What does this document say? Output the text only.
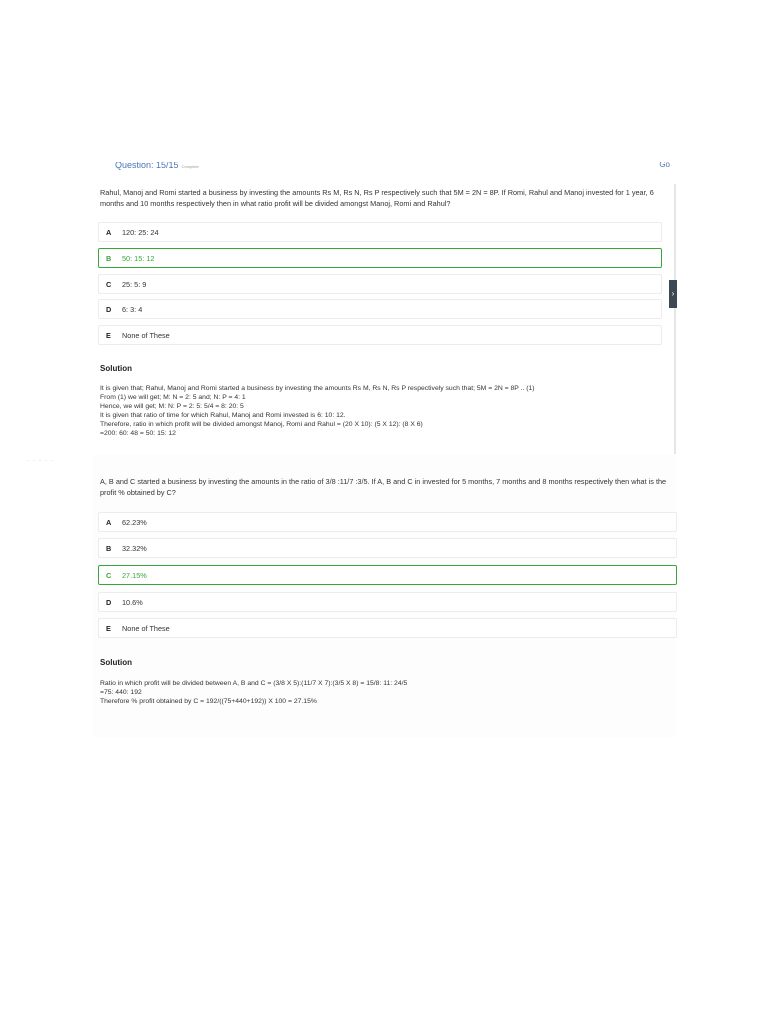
Question: 15/15 Complete	Go
Rahul, Manoj and Romi started a business by investing the amounts Rs M, Rs N, Rs P respectively such that 5M = 2N = 8P. If Romi, Rahul and Manoj invested for 1 year, 6 months and 10 months respectively then in what ratio profit will be divided amongst Manoj, Romi and Rahul?
A 120: 25: 24
B 50: 15: 12
C 25: 5: 9
D 6: 3: 4
E None of These
Solution
It is given that; Rahul, Manoj and Romi started a business by investing the amounts Rs M, Rs N, Rs P respectively such that; 5M = 2N = 8P .. (1)
From (1) we will get; M: N = 2: 5 and; N: P = 4: 1
Hence, we will get; M: N: P = 2: 5: 5/4 = 8: 20: 5
It is given that ratio of time for which Rahul, Manoj and Romi invested is 6: 10: 12.
Therefore, ratio in which profit will be divided amongst Manoj, Romi and Rahul = (20 X 10): (5 X 12): (8 X 6)
=200: 60: 48 = 50: 15: 12
›
·····
A, B and C started a business by investing the amounts in the ratio of 3/8 :11/7 :3/5. If A, B and C in invested for 5 months, 7 months and 8 months respectively then what is the profit % obtained by C?
A 62.23%
B 32.32%
C 27.15%
D 10.6%
E None of These
Solution
Ratio in which profit will be divided between A, B and C = (3/8 X 5):(11/7 X 7):(3/5 X 8) = 15/8: 11: 24/5
=75: 440: 192
Therefore % profit obtained by C = 192/((75+440+192)) X 100 = 27.15%
